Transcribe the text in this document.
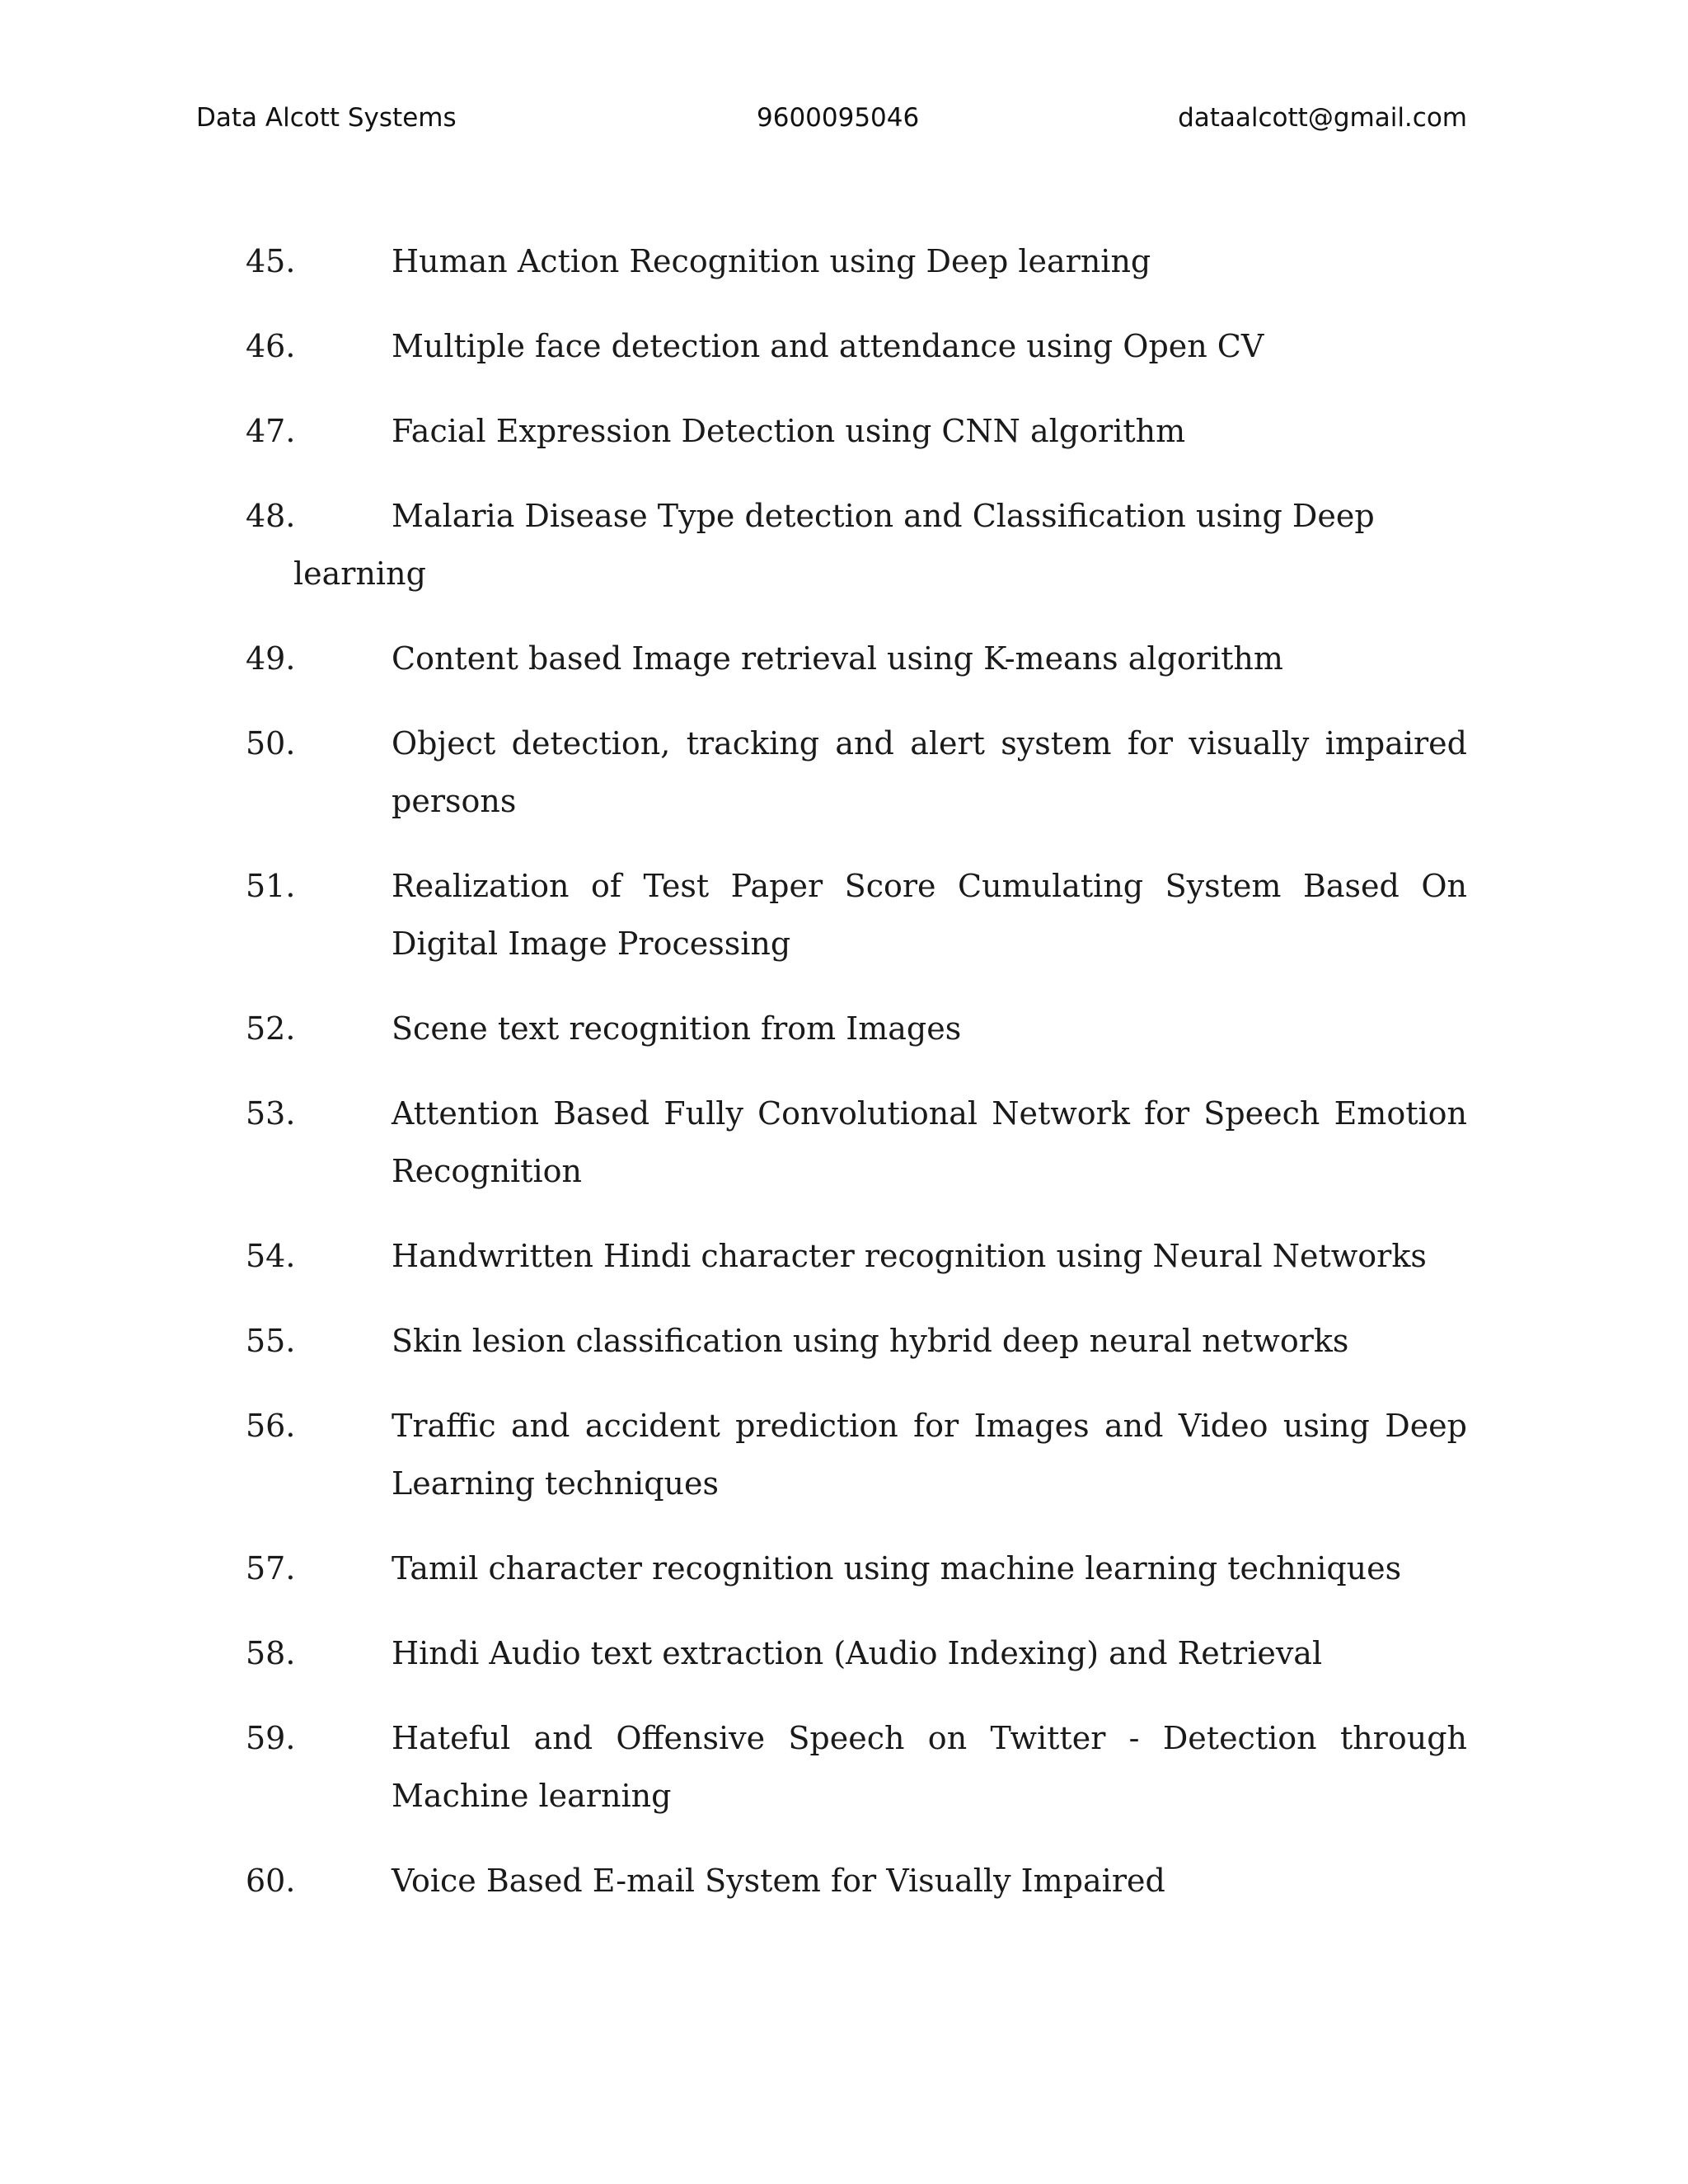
Data Alcott Systems	9600095046	dataalcott@gmail.com
45.	Human Action Recognition using Deep learning
46.	Multiple face detection and attendance using Open CV
47.	Facial Expression Detection using CNN algorithm
48.	Malaria Disease Type detection and Classification using Deep
learning
49.	Content based Image retrieval using K-means algorithm
50.	Object detection, tracking and alert system for visually impaired persons
51.	Realization of Test Paper Score Cumulating System Based On Digital Image Processing
52.	Scene text recognition from Images
53.	Attention Based Fully Convolutional Network for Speech Emotion Recognition
54.	Handwritten Hindi character recognition using Neural Networks
55.	Skin lesion classification using hybrid deep neural networks
56.	Traffic and accident prediction for Images and Video using Deep Learning techniques
57.	Tamil character recognition using machine learning techniques
58.	Hindi Audio text extraction (Audio Indexing) and Retrieval
59.	Hateful and Offensive Speech on Twitter - Detection through Machine learning
60.	Voice Based E-mail System for Visually Impaired
